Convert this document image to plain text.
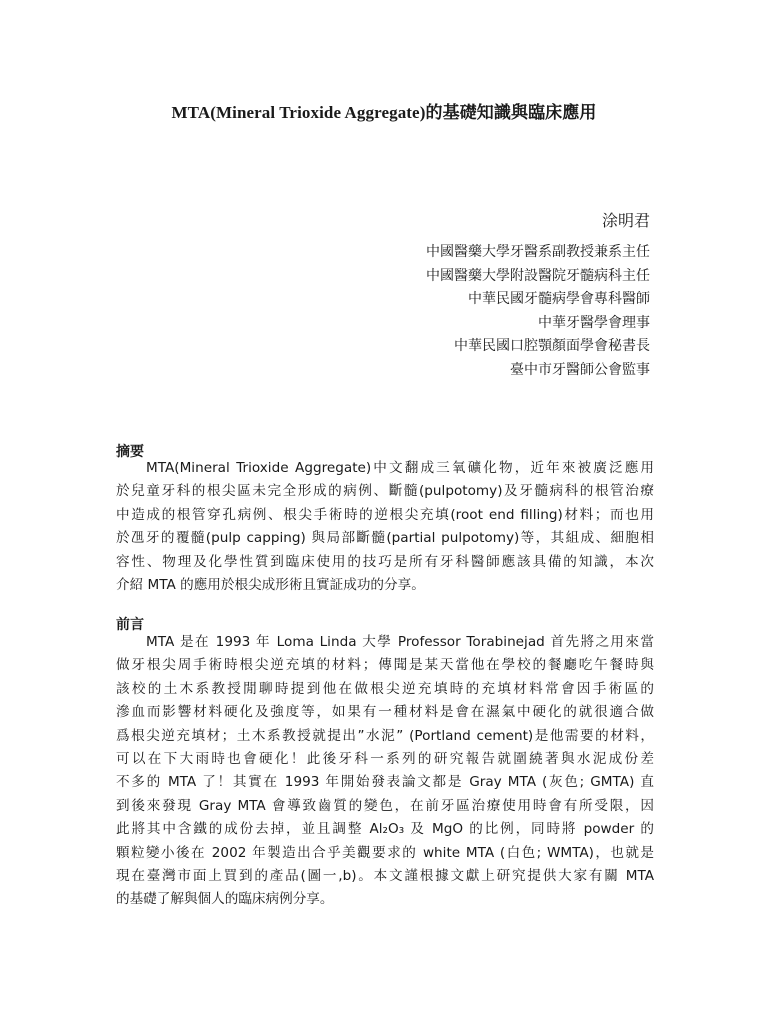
MTA(Mineral Trioxide Aggregate)的基礎知識與臨床應用
涂明君
中國醫藥大學牙醫系副教授兼系主任
中國醫藥大學附設醫院牙髓病科主任
中華民國牙髓病學會專科醫師
中華牙醫學會理事
中華民國口腔顎顏面學會秘書長
臺中市牙醫師公會監事
摘要
MTA(Mineral Trioxide Aggregate)中文翻成三氧礦化物，近年來被廣泛應用
於兒童牙科的根尖區未完全形成的病例、斷髓(pulpotomy)及牙髓病科的根管治療
中造成的根管穿孔病例、根尖手術時的逆根尖充填(root end filling)材料；而也用
於乪牙的覆髓(pulp capping) 與局部斷髓(partial pulpotomy)等，其組成、細胞相
容性、物理及化學性質到臨床使用的技巧是所有牙科醫師應該具備的知識，本次
介紹 MTA 的應用於根尖成形術且實証成功的分享。
前言
MTA 是在 1993 年 Loma Linda 大學 Professor Torabinejad 首先將之用來當
做牙根尖周手術時根尖逆充填的材料；傳聞是某天當他在學校的餐廳吃午餐時與
該校的土木系教授閒聊時提到他在做根尖逆充填時的充填材料常會因手術區的
滲血而影響材料硬化及強度等，如果有一種材料是會在濕氣中硬化的就很適合做
爲根尖逆充填材；土木系教授就提出”水泥” (Portland cement)是他需要的材料，
可以在下大雨時也會硬化！此後牙科一系列的研究報告就圍繞著與水泥成份差
不多的 MTA 了！其實在 1993 年開始發表論文都是 Gray MTA (灰色; GMTA) 直
到後來發現 Gray MTA 會導致齒質的變色，在前牙區治療使用時會有所受限，因
此將其中含鐵的成份去掉，並且調整 Al₂O₃ 及 MgO 的比例，同時將 powder 的
顆粒變小後在 2002 年製造出合乎美觀要求的 white MTA (白色; WMTA)，也就是
現在臺灣市面上買到的產品(圖一,b)。本文謹根據文獻上研究提供大家有關 MTA
的基礎了解與個人的臨床病例分享。
